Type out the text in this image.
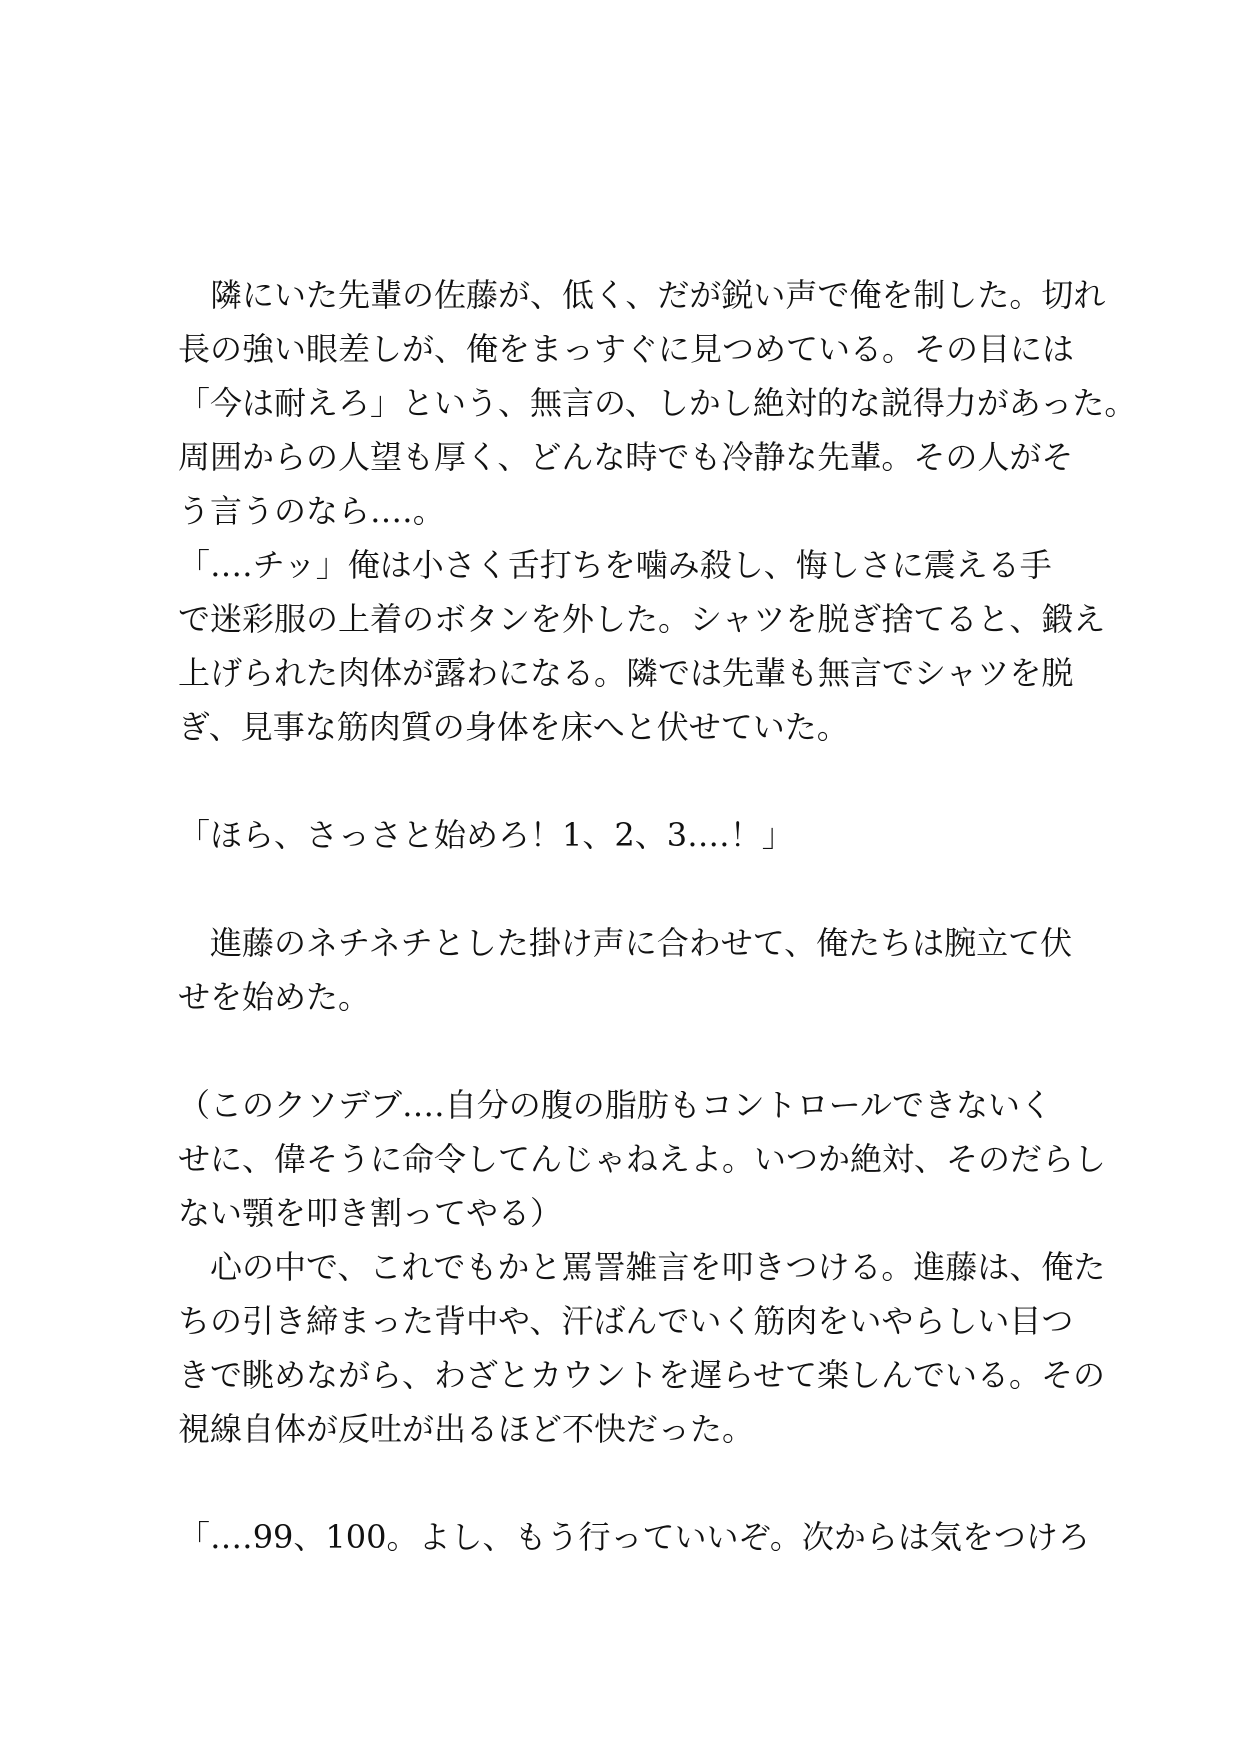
　隣にいた先輩の佐藤が、低く、だが鋭い声で俺を制した。切れ
長の強い眼差しが、俺をまっすぐに見つめている。その目には
「今は耐えろ」という、無言の、しかし絶対的な説得力があった。
周囲からの人望も厚く、どんな時でも冷静な先輩。その人がそ
う言うのなら‥‥。
「‥‥チッ」俺は小さく舌打ちを噛み殺し、悔しさに震える手
で迷彩服の上着のボタンを外した。シャツを脱ぎ捨てると、鍛え
上げられた肉体が露わになる。隣では先輩も無言でシャツを脱
ぎ、見事な筋肉質の身体を床へと伏せていた。
「ほら、さっさと始めろ！1、2、3‥‥！」
　進藤のネチネチとした掛け声に合わせて、俺たちは腕立て伏
せを始めた。
（このクソデブ‥‥自分の腹の脂肪もコントロールできないく
せに、偉そうに命令してんじゃねえよ。いつか絶対、そのだらし
ない顎を叩き割ってやる）
　心の中で、これでもかと罵詈雑言を叩きつける。進藤は、俺た
ちの引き締まった背中や、汗ばんでいく筋肉をいやらしい目つ
きで眺めながら、わざとカウントを遅らせて楽しんでいる。その
視線自体が反吐が出るほど不快だった。
「‥‥99、100。よし、もう行っていいぞ。次からは気をつけろ
